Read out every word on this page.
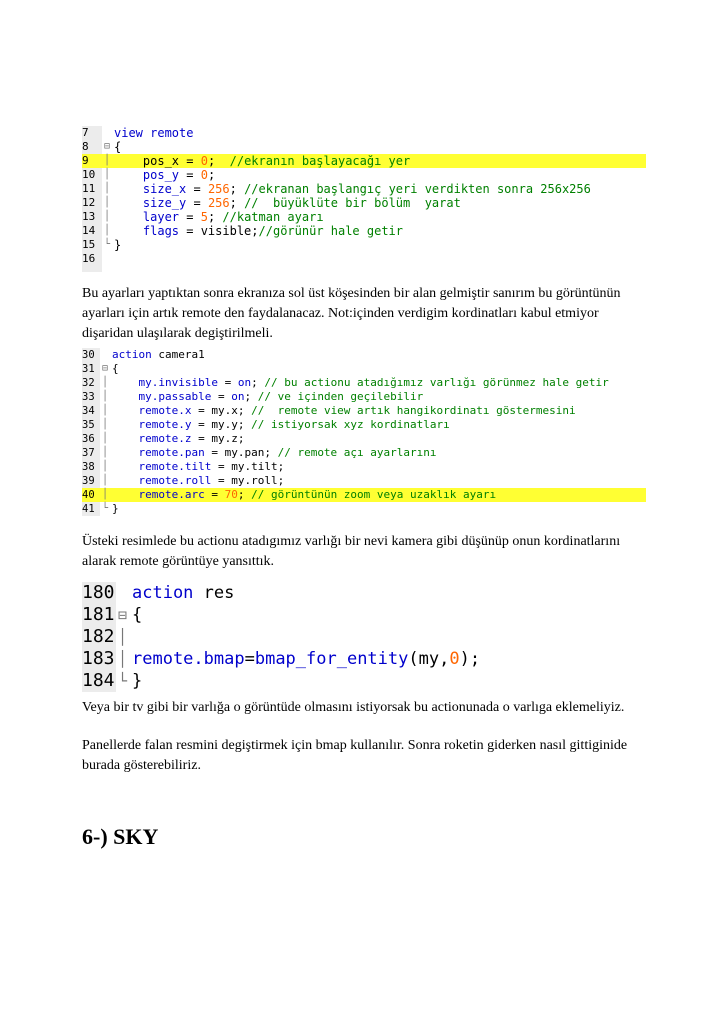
7 view remote
8 ⊟ {
9 │ pos_x = 0;  //ekranın başlayacağı yer
10 │ pos_y = 0;
11 │ size_x = 256; //ekranan başlangıç yeri verdikten sonra 256x256
12 │ size_y = 256; //  büyüklüte bir bölüm  yarat
13 │ layer = 5; //katman ayarı
14 │ flags = visible;//görünür hale getir
15 └ }
16

Bu ayarları yaptıktan sonra ekranıza sol üst köşesinden bir alan gelmiştir sanırım bu görüntünün ayarları için artık remote den faydalanacaz. Not:içinden verdigim kordinatları kabul etmiyor dişaridan ulaşılarak degiştirilmeli.

30 action camera1
31 ⊟ {
32 │ my.invisible = on; // bu actionu atadığımız varlığı görünmez hale getir
33 │ my.passable = on; // ve içinden geçilebilir
34 │ remote.x = my.x; //  remote view artık hangikordinatı göstermesini
35 │ remote.y = my.y; // istiyorsak xyz kordinatları
36 │ remote.z = my.z;
37 │ remote.pan = my.pan; // remote açı ayarlarını
38 │ remote.tilt = my.tilt;
39 │ remote.roll = my.roll;
40 │ remote.arc = 70; // görüntünün zoom veya uzaklık ayarı
41 └ }

Üsteki resimlede bu actionu atadıgımız varlığı bir nevi kamera gibi düşünüp onun kordinatlarını alarak remote görüntüye yansıttık.

180 action res
181 ⊟ {
182 │
183 │ remote.bmap=bmap_for_entity(my,0);
184 └ }

Veya bir tv gibi bir varlığa o görüntüde olmasını istiyorsak bu actionunada o varlıga eklemeliyiz.

Panellerde falan resmini degiştirmek için bmap kullanılır. Sonra roketin giderken nasıl gittiginide burada gösterebiliriz.

6-) SKY
